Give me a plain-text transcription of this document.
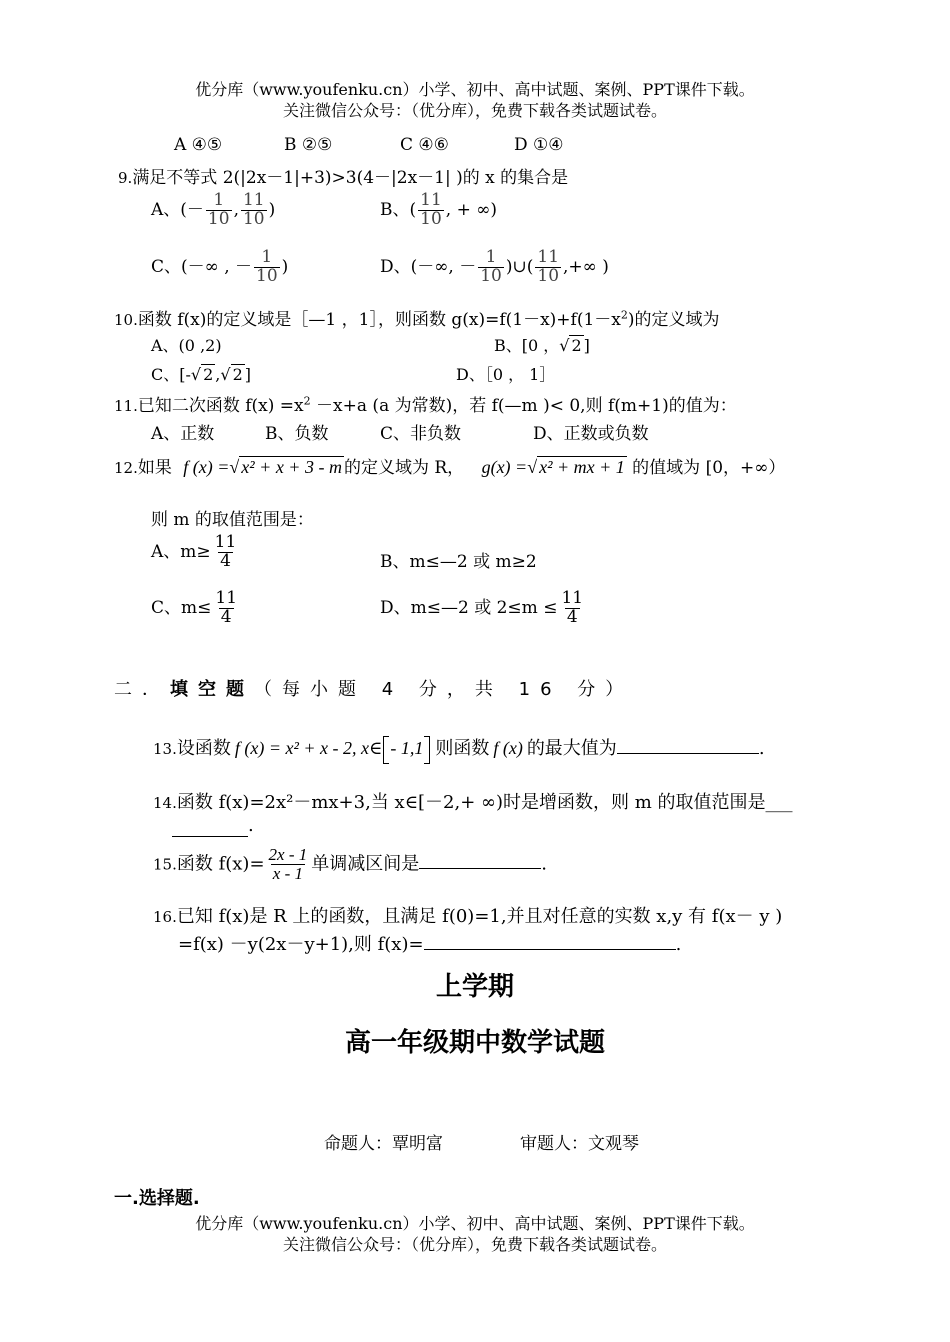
优分库（www.youfenku.cn）小学、初中、高中试题、案例、PPT课件下载。
关注微信公众号：（优分库），免费下载各类试题试卷。
A ④⑤	B ②⑤	C ④⑥	D ①④
9.满足不等式 2(|2x－1|+3)>3(4－|2x－1| )的 x 的集合是
A、(－ $\frac{1}{10}$ , $\frac{11}{10}$ )	B、( $\frac{11}{10}$ , + ∞)
C、(－∞ , － $\frac{1}{10}$ )	D、(－∞, － $\frac{1}{10}$ )∪( $\frac{11}{10}$ ,+∞ )
10.函数 f(x)的定义域是［—1 ，1］，则函数 $g(x)=f(1-x)+f(1-x^2)$的定义域为
A、(0 ,2)	B、[0 ，√ 2 ]
C、[-√ 2 ,√ 2 ]	D、［0 ， 1］
11.已知二次函数 $f(x) =x^2 -x+a$ (a 为常数)，若 f(—m )< 0,则 f(m+1)的值为：
A、正数	B、负数	C、非负数	D、正数或负数
12.如果 f (x) =√ x² + x + 3 - m 的定义域为 R， g(x) =√ x² + mx + 1 的值域为 [0，+∞）
则 m 的取值范围是：
A、$m\ge \frac{11}{4}$	B、m≤—2 或 m≥2
C、$m\le \frac{11}{4}$	D、m≤—2 或 $2\le m \le \frac{11}{4}$
二．填空题（每小题 4 分，共 16 分）
13.设函数 f (x) = x² + x - 2, x∈ - 1,1 则函数 f (x) 的最大值为	.
14.函数 f(x)=2x²－mx+3,当 x∈[－2,+ ∞)时是增函数，则 m 的取值范围是___
.
15.函数 $f(x)= \frac{2x - 1}{x - 1}$ 单调减区间是	.
16.已知 f(x)是 R 上的函数，且满足 f(0)=1,并且对任意的实数 x,y 有 f(x－ y )
=f(x) －y(2x－y+1),则 f(x)=	.
上学期
高一年级期中数学试题
命题人：覃明富	审题人：文观琴
一.选择题.
优分库（www.youfenku.cn）小学、初中、高中试题、案例、PPT课件下载。
关注微信公众号：（优分库），免费下载各类试题试卷。
